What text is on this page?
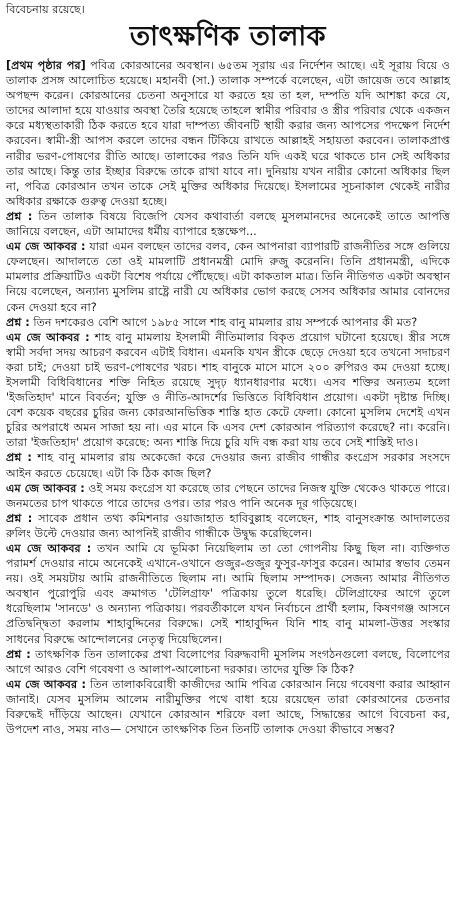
বিবেচনায় রয়েছে।
তাৎক্ষণিক তালাক

[প্রথম পৃষ্ঠার পর] পবিত্র কোরআনের অবস্থান। ৬৫তম সূরায় এর নির্দেশন আছে। এই সূরায় বিয়ে ও তালাক প্রসঙ্গ আলোচিত হয়েছে। মহানবী (সা.) তালাক সম্পর্কে বলেছেন, এটা জায়েজ তবে আল্লাহ অপছন্দ করেন। কোরআনের চেতনা অনুসারে যা করতে হয় তা হল, দম্পতি যদি আশঙ্কা করে যে, তাদের আলাদা হয়ে যাওয়ার অবস্থা তৈরি হয়েছে তাহলে স্বামীর পরিবার ও স্ত্রীর পরিবার থেকে একজন করে মধ্যস্থতাকারী ঠিক করতে হবে যারা দাম্পত্য জীবনটি স্থায়ী করার জন্য আপসের পদক্ষেপ নির্দেশ করবেন। স্বামী-স্ত্রী আপস করলে তাদের বন্ধন টিকিয়ে রাখতে আল্লাহই সহায়তা করবেন। তালাকপ্রাপ্ত নারীর ভরণ-পোষণের রীতি আছে। তালাকের পরও তিনি যদি একই ঘরে থাকতে চান সেই অধিকার তার আছে। কিন্তু তার ইচ্ছার বিরুদ্ধে তাকে রাখা যাবে না। দুনিয়ায় যখন নারীর কোনো অধিকার ছিল না, পবিত্র কোরআন তখন তাকে সেই মুক্তির অধিকার দিয়েছে। ইসলামের সূচনাকাল থেকেই নারীর অধিকার রক্ষাকে গুরুত্ব দেওয়া হচ্ছে।

প্রশ্ন : তিন তালাক বিষয়ে বিজেপি যেসব কথাবার্তা বলছে মুসলমানদের অনেকেই তাতে আপত্তি জানিয়ে বলছেন, এটা আমাদের ধর্মীয় ব্যাপারে হস্তক্ষেপ...

এম জে আকবর : যারা এমন বলছেন তাদের বলব, কেন আপনারা ব্যাপারটি রাজনীতির সঙ্গে গুলিয়ে ফেলছেন। আদালতে তো ওই মামলাটি প্রধানমন্ত্রী মোদি রুজু করেননি। তিনি প্রধানমন্ত্রী, এদিকে মামলার প্রক্রিয়াটিও একটা বিশেষ পর্যায়ে পৌঁছেছে। এটা কাকতাল মাত্র। তিনি নীতিগত একটা অবস্থান নিয়ে বলেছেন, অন্যান্য মুসলিম রাষ্ট্রে নারী যে অধিকার ভোগ করছে সেসব অধিকার আমার বোনদের কেন দেওয়া হবে না?

প্রশ্ন : তিন দশকেরও বেশি আগে ১৯৮৫ সালে শাহ বানু মামলার রায় সম্পর্কে আপনার কী মত?

এম জে আকবর : শাহ বানু মামলায় ইসলামী নীতিমালার বিকৃত প্রয়োগ ঘটানো হয়েছে। স্ত্রীর সঙ্গে স্বামী সর্বদা সদয় আচরণ করবেন এটাই বিধান। এমনকি যখন স্ত্রীকে ছেড়ে দেওয়া হবে তখনো সদাচরণ করা চাই; দেওয়া চাই ভরণ-পোষণের খরচ। শাহ বানুকে মাসে মাসে ২০০ রুপিরও কম দেওয়া হচ্ছে। ইসলামী বিধিবিধানের শক্তি নিহিত রয়েছে সুদৃঢ় ধ্যানধারণার মধ্যে। এসব শক্তির অন্যতম হলো 'ইজতিহাদ' মানে বিবর্তন; যুক্তি ও নীতি-আদর্শের ভিত্তিতে বিধিবিধান প্রয়োগ। একটা দৃষ্টান্ত দিচ্ছি। বেশ কয়েক বছরের চুরির জন্য কোরআনভিত্তিক শাস্তি হাত কেটে ফেলা। কোনো মুসলিম দেশেই এখন চুরির অপরাধে অমন সাজা হয় না। এর মানে কি এসব দেশ কোরআন পরিত্যাগ করেছে? না। করেনি। তারা 'ইজতিহাদ' প্রয়োগ করেছে: অন্য শাস্তি দিয়ে চুরি যদি বন্ধ করা যায় তবে সেই শাস্তিই দাও।

প্রশ্ন : শাহ বানু মামলার রায় অকেজো করে দেওয়ার জন্য রাজীব গান্ধীর কংগ্রেস সরকার সংসদে আইন করতে চেয়েছে। এটা কি ঠিক কাজ ছিল?

এম জে আকবর : ওই সময় কংগ্রেস যা করেছে তার পেছনে তাদের নিজস্ব যুক্তি থেকেও থাকতে পারে। জনমতের চাপ থাকতে পারে তাদের ওপর। তার পরও পানি অনেক দূর গড়িয়েছে।

প্রশ্ন : সাবেক প্রধান তথ্য কমিশনার ওয়াজাহাত হাবিবুল্লাহ বলেছেন, শাহ বানুসংক্রান্ত আদালতের রুলিং উল্টে দেওয়ার জন্য আপনিই রাজীব গান্ধীকে উদ্বুদ্ধ করেছিলেন।

এম জে আকবর : তখন আমি যে ভূমিকা নিয়েছিলাম তা তো গোপনীয় কিছু ছিল না। ব্যক্তিগত পরামর্শ দেওয়ার নামে অনেকেই এখানে-ওখানে গুজুর-গুজুর ফুসুর-ফাসুর করেন। আমার স্বভাব তেমন নয়। ওই সময়টায় আমি রাজনীতিতে ছিলাম না। আমি ছিলাম সম্পাদক। সেজন্য আমার নীতিগত অবস্থান পুরোপুরি এবং ক্রমাগত 'টেলিগ্রাফ' পত্রিকায় তুলে ধরেছি। টেলিগ্রাফের আগে তুলে ধরেছিলাম 'সানডে' ও অন্যান্য পত্রিকায়। পরবর্তীকালে যখন নির্বাচনে প্রার্থী হলাম, কিষণগঞ্জ আসনে প্রতিদ্বন্দ্বিতা করলাম শাহাবুদ্দিনের বিরুদ্ধে। সেই শাহাবুদ্দিন যিনি শাহ বানু মামলা-উত্তর সংস্কার সাধনের বিরুদ্ধে আন্দোলনের নেতৃত্ব দিয়েছিলেন।

প্রশ্ন : তাৎক্ষণিক তিন তালাকের প্রথা বিলোপের বিরুদ্ধবাদী মুসলিম সংগঠনগুলো বলছে, বিলোপের আগে আরও বেশি গবেষণা ও আলাপ-আলোচনা দরকার। তাদের যুক্তি কি ঠিক?

এম জে আকবর : তিন তালাকবিরোধী কাজীদের আমি পবিত্র কোরআন নিয়ে গবেষণা করার আহ্বান জানাই। যেসব মুসলিম আলেম নারীমুক্তির পথে বাধা হয়ে রয়েছেন তারা কোরআনের চেতনার বিরুদ্ধেই দাঁড়িয়ে আছেন। যেখানে কোরআন শরিফে বলা আছে, সিদ্ধান্তের আগে বিবেচনা কর, উপদেশ নাও, সময় নাও— সেখানে তাৎক্ষণিক তিন তিনটি তালাক দেওয়া কীভাবে সম্ভব?
